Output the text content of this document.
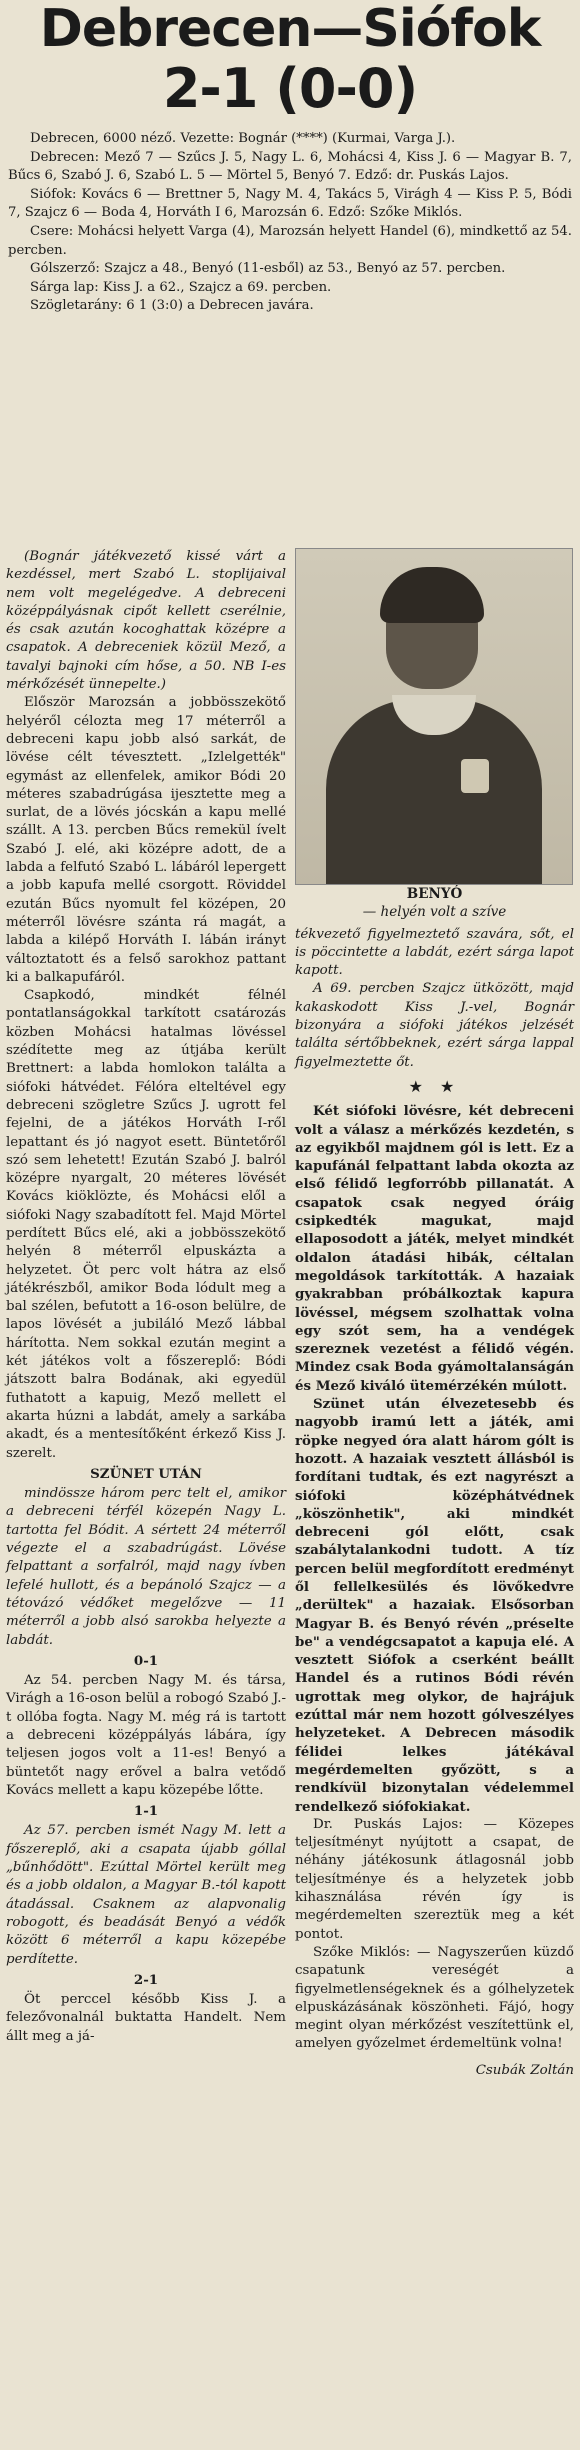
Debrecen—Siófok
2-1 (0-0)

Debrecen, 6000 néző. Vezette: Bognár (****) (Kurmai, Varga J.).

Debrecen: Mező 7 — Szűcs J. 5, Nagy L. 6, Mohácsi 4, Kiss J. 6 — Magyar B. 7, Bűcs 6, Szabó J. 6, Szabó L. 5 — Mörtel 5, Benyó 7. Edző: dr. Puskás Lajos.

Siófok: Kovács 6 — Brettner 5, Nagy M. 4, Takács 5, Virágh 4 — Kiss P. 5, Bódi 7, Szajcz 6 — Boda 4, Horváth I 6, Marozsán 6. Edző: Szőke Miklós.

Csere: Mohácsi helyett Varga (4), Marozsán helyett Handel (6), mindkettő az 54. percben.

Gólszerző: Szajcz a 48., Benyó (11-esből) az 53., Benyó az 57. percben.

Sárga lap: Kiss J. a 62., Szajcz a 69. percben.

Szögletarány: 6 1 (3:0) a Debrecen javára.

(Bognár játékvezető kissé várt a kezdéssel, mert Szabó L. stoplijaival nem volt megelégedve. A debreceni középpályásnak cipőt kellett cserélnie, és csak azután kocoghattak középre a csapatok. A debreceniek közül Mező, a tavalyi bajnoki cím hőse, a 50. NB I-es mérkőzését ünnepelte.)

Először Marozsán a jobbösszekötő helyéről célozta meg 17 méterről a debreceni kapu jobb alsó sarkát, de lövése célt tévesztett. „Izlelgették" egymást az ellenfelek, amikor Bódi 20 méteres szabadrúgása ijesztette meg a surlat, de a lövés jócskán a kapu mellé szállt. A 13. percben Bűcs remekül ívelt Szabó J. elé, aki középre adott, de a labda a felfutó Szabó L. lábáról lepergett a jobb kapufa mellé csorgott. Röviddel ezután Bűcs nyomult fel középen, 20 méterről lövésre szánta rá magát, a labda a kilépő Horváth I. lábán irányt változtatott és a felső sarokhoz pattant ki a balkapufáról.

Csapkodó, mindkét félnél pontatlanságokkal tarkított csatározás közben Mohácsi hatalmas lövéssel szédítette meg az útjába került Brettnert: a labda homlokon találta a siófoki hátvédet. Félóra elteltével egy debreceni szögletre Szűcs J. ugrott fel fejelni, de a játékos Horváth I-ről lepattant és jó nagyot esett. Büntetőről szó sem lehetett! Ezután Szabó J. balról középre nyargalt, 20 méteres lövését Kovács kiöklözte, és Mohácsi elől a siófoki Nagy szabadított fel. Majd Mörtel perdített Bűcs elé, aki a jobbösszekötő helyén 8 méterről elpuskázta a helyzetet. Öt perc volt hátra az első játékrészből, amikor Boda lódult meg a bal szélen, befutott a 16-oson belülre, de lapos lövését a jubiláló Mező lábbal hárította. Nem sokkal ezután megint a két játékos volt a főszereplő: Bódi játszott balra Bodának, aki egyedül futhatott a kapuig, Mező mellett el akarta húzni a labdát, amely a sarkába akadt, és a mentesítőként érkező Kiss J. szerelt.

SZÜNET UTÁN

mindössze három perc telt el, amikor a debreceni térfél közepén Nagy L. tartotta fel Bódit. A sértett 24 méterről végezte el a szabadrúgást. Lövése felpattant a sorfalról, majd nagy ívben lefelé hullott, és a bepánoló Szajcz — a tétovázó védőket megelőzve — 11 méterről a jobb alsó sarokba helyezte a labdát.

0-1

Az 54. percben Nagy M. és társa, Virágh a 16-oson belül a robogó Szabó J.-t ollóba fogta. Nagy M. még rá is tartott a debreceni középpályás lábára, így teljesen jogos volt a 11-es! Benyó a büntetőt nagy erővel a balra vetődő Kovács mellett a kapu közepébe lőtte.

1-1

Az 57. percben ismét Nagy M. lett a főszereplő, aki a csapata újabb góllal „bűnhődött". Ezúttal Mörtel került meg és a jobb oldalon, a Magyar B.-tól kapott átadással. Csaknem az alapvonalig robogott, és beadását Benyó a védők között 6 méterről a kapu közepébe perdítette.

2-1

Öt perccel később Kiss J. a felezővonalnál buktatta Handelt. Nem állt meg a já-

BENYÓ

— helyén volt a szíve

tékvezető figyelmeztető szavára, sőt, el is pöccintette a labdát, ezért sárga lapot kapott.

A 69. percben Szajcz ütközött, majd kakaskodott Kiss J.-vel, Bognár bizonyára a siófoki játékos jelzését találta sértőbbeknek, ezért sárga lappal figyelmeztette őt.

★ ★

Két siófoki lövésre, két debreceni volt a válasz a mérkőzés kezdetén, s az egyikből majdnem gól is lett. Ez a kapufánál felpattant labda okozta az első félidő legforróbb pillanatát. A csapatok csak negyed óráig csipkedték magukat, majd ellaposodott a játék, melyet mindkét oldalon átadási hibák, céltalan megoldások tarkították. A hazaiak gyakrabban próbálkoztak kapura lövéssel, mégsem szolhattak volna egy szót sem, ha a vendégek szereznek vezetést a félidő végén. Mindez csak Boda gyámoltalanságán és Mező kiváló ütemérzékén múlott.

Szünet után élvezetesebb és nagyobb iramú lett a játék, ami röpke negyed óra alatt három gólt is hozott. A hazaiak vesztett állásból is fordítani tudtak, és ezt nagyrészt a siófoki középhátvédnek „köszönhetik", aki mindkét debreceni gól előtt, csak szabálytalankodni tudott. A tíz percen belül megfordított eredményt ől fellelkesülés és lövőkedvre „derültek" a hazaiak. Elsősorban Magyar B. és Benyó révén „préselte be" a vendégcsapatot a kapuja elé. A vesztett Siófok a cserként beállt Handel és a rutinos Bódi révén ugrottak meg olykor, de hajrájuk ezúttal már nem hozott gólveszélyes helyzeteket. A Debrecen második félidei lelkes játékával megérdemelten győzött, s a rendkívül bizonytalan védelemmel rendelkező siófokiakat.

Dr. Puskás Lajos: — Közepes teljesítményt nyújtott a csapat, de néhány játékosunk átlagosnál jobb teljesítménye és a helyzetek jobb kihasználása révén így is megérdemelten szereztük meg a két pontot.

Szőke Miklós: — Nagyszerűen küzdő csapatunk vereségét a figyelmetlenségeknek és a gólhelyzetek elpuskázásának köszönheti. Fájó, hogy megint olyan mérkőzést veszítettünk el, amelyen győzelmet érdemeltünk volna!

Csubák Zoltán
